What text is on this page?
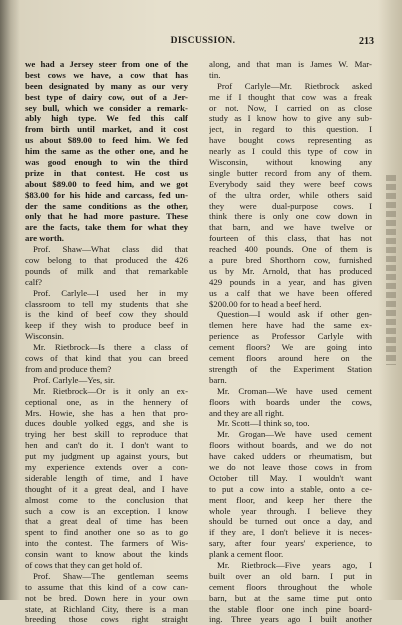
DISCUSSION.	213
we had a Jersey steer from one of the
best cows we have, a cow that has
been designated by many as our very
best type of dairy cow, out of a Jer-
sey bull, which we consider a remark-
ably high type. We fed this calf
from birth until market, and it cost
us about $89.00 to feed him. We fed
him the same as the other one, and he
was good enough to win the third
prize in that contest. He cost us
about $89.00 to feed him, and we got
$83.00 for his hide and carcass, fed un-
der the same conditions as the other,
only that he had more pasture. These
are the facts, take them for what they
are worth.
Prof. Shaw—What class did that
cow belong to that produced the 426
pounds of milk and that remarkable
calf?
Prof. Carlyle—I used her in my
classroom to tell my students that she
is the kind of beef cow they should
keep if they wish to produce beef in
Wisconsin.
Mr. Rietbrock—Is there a class of
cows of that kind that you can breed
from and produce them?
Prof. Carlyle—Yes, sir.
Mr. Rietbrock—Or is it only an ex-
ceptional one, as in the hennery of
Mrs. Howie, she has a hen that pro-
duces double yolked eggs, and she is
trying her best skill to reproduce that
hen and can't do it. I don't want to
put my judgment up against yours, but
my experience extends over a con-
siderable length of time, and I have
thought of it a great deal, and I have
almost come to the conclusion that
such a cow is an exception. I know
that a great deal of time has been
spent to find another one so as to go
into the contest. The farmers of Wis-
consin want to know about the kinds
of cows that they can get hold of.
Prof. Shaw—The gentleman seems
to assume that this kind of a cow can-
not be bred. Down here in your own
state, at Richland City, there is a man
breeding those cows right straight
along, and that man is James W. Mar-
tin.
Prof Carlyle—Mr. Rietbrock asked
me if I thought that cow was a freak
or not. Now, I carried on as close
study as I know how to give any sub-
ject, in regard to this question. I
have bought cows representing as
nearly as I could this type of cow in
Wisconsin, without knowing any
single butter record from any of them.
Everybody said they were beef cows
of the ultra order, while others said
they were dual-purpose cows. I
think there is only one cow down in
that barn, and we have twelve or
fourteen of this class, that has not
reached 400 pounds. One of them is
a pure bred Shorthorn cow, furnished
us by Mr. Arnold, that has produced
429 pounds in a year, and has given
us a calf that we have been offered
$200.00 for to head a beef herd.
Question—I would ask if other gen-
tlemen here have had the same ex-
perience as Professor Carlyle with
cement floors? We are going into
cement floors around here on the
strength of the Experiment Station
barn.
Mr. Croman—We have used cement
floors with boards under the cows,
and they are all right.
Mr. Scott—I think so, too.
Mr. Grogan—We have used cement
floors without boards, and we do not
have caked udders or rheumatism, but
we do not leave those cows in from
October till May. I wouldn't want
to put a cow into a stable, onto a ce-
ment floor, and keep her there the
whole year through. I believe they
should be turned out once a day, and
if they are, I don't believe it is neces-
sary, after four years' experience, to
plank a cement floor.
Mr. Rietbrock—Five years ago, I
built over an old barn. I put in
cement floors throughout the whole
barn, but at the same time put onto
the stable floor one inch pine board-
ing. Three years ago I built another
